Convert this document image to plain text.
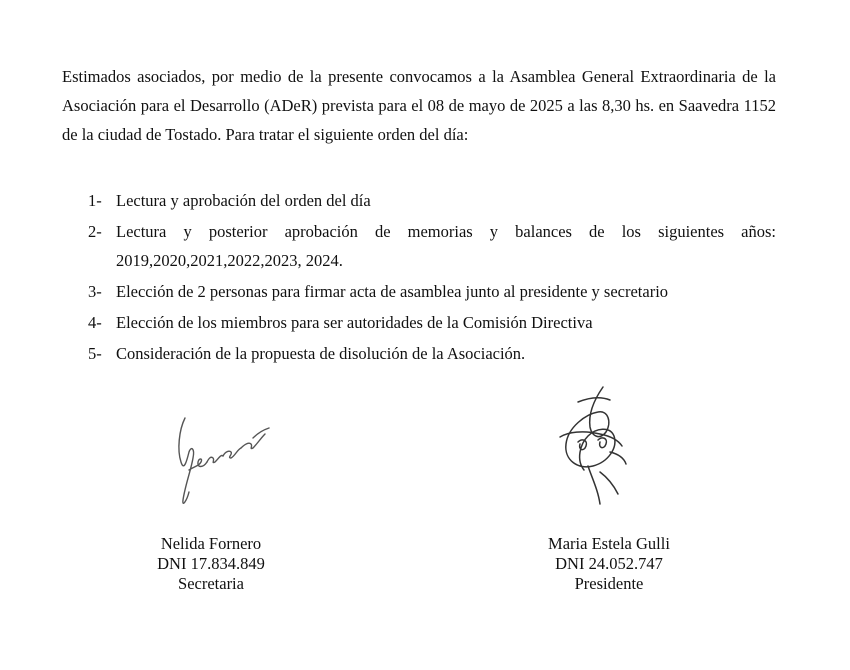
Estimados asociados, por medio de la presente convocamos a la Asamblea General Extraordinaria de la Asociación para el Desarrollo (ADeR) prevista para el 08 de mayo de 2025 a las 8,30 hs. en Saavedra 1152 de la ciudad de Tostado. Para tratar el siguiente orden del día:

1- Lectura y aprobación del orden del día
2- Lectura y posterior aprobación de memorias y balances de los siguientes años: 2019,2020,2021,2022,2023, 2024.
3- Elección de 2 personas para firmar acta de asamblea junto al presidente y secretario
4- Elección de los miembros para ser autoridades de la Comisión Directiva
5- Consideración de la propuesta de disolución de la Asociación.
Nelida Fornero
DNI 17.834.849
Secretaria
Maria Estela Gulli
DNI 24.052.747
Presidente
